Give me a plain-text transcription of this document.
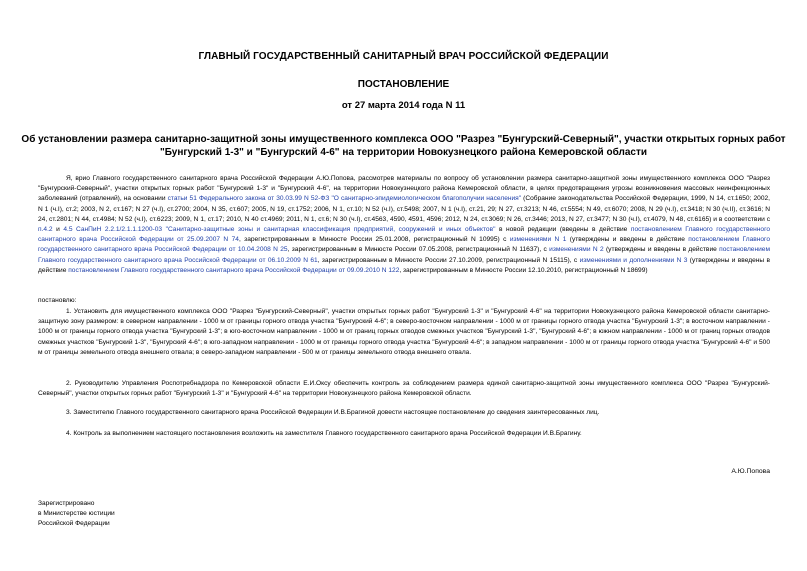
ГЛАВНЫЙ ГОСУДАРСТВЕННЫЙ САНИТАРНЫЙ ВРАЧ РОССИЙСКОЙ ФЕДЕРАЦИИ
ПОСТАНОВЛЕНИЕ
от 27 марта 2014 года N 11
Об установлении размера санитарно-защитной зоны имущественного комплекса ООО "Разрез "Бунгурский-Северный", участки открытых горных работ
"Бунгурский 1-3" и "Бунгурский 4-6" на территории Новокузнецкого района Кемеровской области
Я, врио Главного государственного санитарного врача Российской Федерации А.Ю.Попова, рассмотрев материалы по вопросу об установлении размера санитарно-защитной зоны имущественного комплекса ООО "Разрез "Бунгурский-Северный", участки открытых горных работ "Бунгурский 1-3" и "Бунгурский 4-6", на территории Новокузнецкого района Кемеровской области, в целях предотвращения угрозы возникновения массовых неинфекционных заболеваний (отравлений), на основании статьи 51 Федерального закона от 30.03.99 N 52-ФЗ "О санитарно-эпидемиологическом благополучии населения" (Собрание законодательства Российской Федерации, 1999, N 14, ст.1650; 2002, N 1 (ч.I), ст.2; 2003, N 2, ст.167; N 27 (ч.I), ст.2700; 2004, N 35, ст.607; 2005, N 19, ст.1752; 2006, N 1, ст.10; N 52 (ч.I), ст.5498; 2007, N 1 (ч.I), ст.21, 29; N 27, ст.3213; N 46, ст.5554; N 49, ст.6070; 2008, N 29 (ч.I), ст.3418; N 30 (ч.II), ст.3616; N 24, ст.2801; N 44, ст.4984; N 52 (ч.I), ст.6223; 2009, N 1, ст.17; 2010, N 40 ст.4969; 2011, N 1, ст.6; N 30 (ч.I), ст.4563, 4590, 4591, 4596; 2012, N 24, ст.3069; N 26, ст.3446; 2013, N 27, ст.3477; N 30 (ч.I), ст.4079, N 48, ст.6165) и в соответствии с п.4.2 и 4.5 СанПиН 2.2.1/2.1.1.1200-03 "Санитарно-защитные зоны и санитарная классификация предприятий, сооружений и иных объектов" в новой редакции (введены в действие постановлением Главного государственного санитарного врача Российской Федерации от 25.09.2007 N 74, зарегистрированным в Минюсте России 25.01.2008, регистрационный N 10995) с изменениями N 1 (утверждены и введены в действие постановлением Главного государственного санитарного врача Российской Федерации от 10.04.2008 N 25, зарегистрированным в Минюсте России 07.05.2008, регистрационный N 11637), с изменениями N 2 (утверждены и введены в действие постановлением Главного государственного санитарного врача Российской Федерации от 06.10.2009 N 61, зарегистрированным в Минюсте России 27.10.2009, регистрационный N 15115), с изменениями и дополнениями N 3 (утверждены и введены в действие постановлением Главного государственного санитарного врача Российской Федерации от 09.09.2010 N 122, зарегистрированным в Минюсте России 12.10.2010, регистрационный N 18699)
постановлю:
1. Установить для имущественного комплекса ООО "Разрез "Бунгурский-Северный", участки открытых горных работ "Бунгурский 1-3" и "Бунгурский 4-6" на территории Новокузнецкого района Кемеровской области санитарно-защитную зону размером: в северном направлении - 1000 м от границы горного отвода участка "Бунгурский 4-6"; в северо-восточном направлении - 1000 м от границы горного отвода участка "Бунгурский 1-3"; в восточном направлении - 1000 м от границы горного отвода участка "Бунгурский 1-3"; в юго-восточном направлении - 1000 м от границ горных отводов смежных участков "Бунгурский 1-3", "Бунгурский 4-6"; в южном направлении - 1000 м от границ горных отводов смежных участков "Бунгурский 1-3", "Бунгурский 4-6"; в юго-западном направлении - 1000 м от границы горного отвода участка "Бунгурский 4-6"; в западном направлении - 1000 м от границы горного отвода участка "Бунгурский 4-6" и 500 м от границы земельного отвода внешнего отвала; в северо-западном направлении - 500 м от границы земельного отвода внешнего отвала.
2. Руководителю Управления Роспотребнадзора по Кемеровской области Е.И.Оксу обеспечить контроль за соблюдением размера единой санитарно-защитной зоны имущественного комплекса ООО "Разрез "Бунгурский-Северный", участки открытых горных работ "Бунгурский 1-3" и "Бунгурский 4-6" на территории Новокузнецкого района Кемеровской области.
3. Заместителю Главного государственного санитарного врача Российской Федерации И.В.Брагиной довести настоящее постановление до сведения заинтересованных лиц.
4. Контроль за выполнением настоящего постановления возложить на заместителя Главного государственного санитарного врача Российской Федерации И.В.Брагину.
А.Ю.Попова
Зарегистрировано
в Министерстве юстиции
Российской Федерации
